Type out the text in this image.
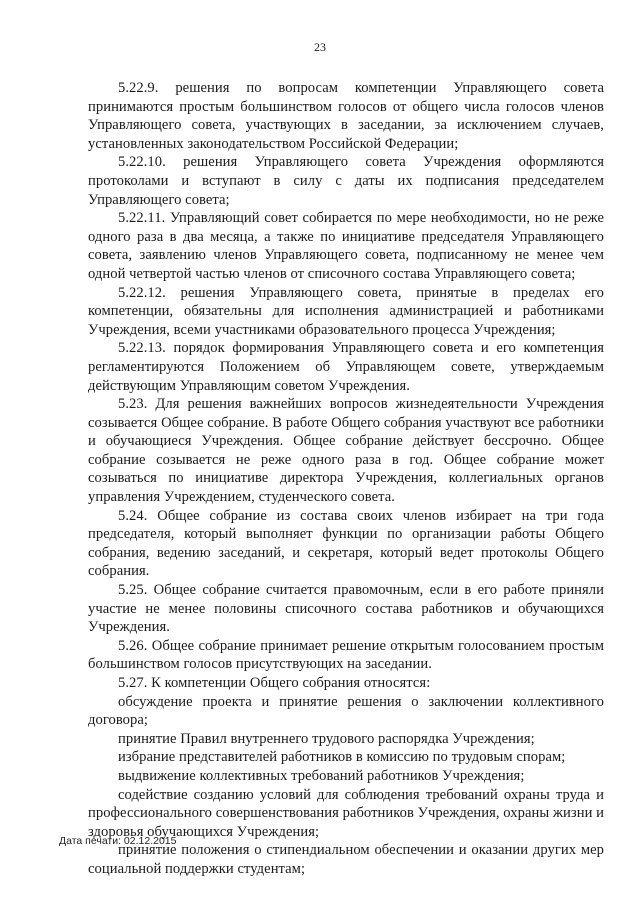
23

5.22.9. решения по вопросам компетенции Управляющего совета принимаются простым большинством голосов от общего числа голосов членов Управляющего совета, участвующих в заседании, за исключением случаев, установленных законодательством Российской Федерации;

5.22.10. решения Управляющего совета Учреждения оформляются протоколами и вступают в силу с даты их подписания председателем Управляющего совета;

5.22.11. Управляющий совет собирается по мере необходимости, но не реже одного раза в два месяца, а также по инициативе председателя Управляющего совета, заявлению членов Управляющего совета, подписанному не менее чем одной четвертой частью членов от списочного состава Управляющего совета;

5.22.12. решения Управляющего совета, принятые в пределах его компетенции, обязательны для исполнения администрацией и работниками Учреждения, всеми участниками образовательного процесса Учреждения;

5.22.13. порядок формирования Управляющего совета и его компетенция регламентируются Положением об Управляющем совете, утверждаемым действующим Управляющим советом Учреждения.

5.23. Для решения важнейших вопросов жизнедеятельности Учреждения созывается Общее собрание. В работе Общего собрания участвуют все работники и обучающиеся Учреждения. Общее собрание действует бессрочно. Общее собрание созывается не реже одного раза в год. Общее собрание может созываться по инициативе директора Учреждения, коллегиальных органов управления Учреждением, студенческого совета.

5.24. Общее собрание из состава своих членов избирает на три года председателя, который выполняет функции по организации работы Общего собрания, ведению заседаний, и секретаря, который ведет протоколы Общего собрания.

5.25. Общее собрание считается правомочным, если в его работе приняли участие не менее половины списочного состава работников и обучающихся Учреждения.

5.26. Общее собрание принимает решение открытым голосованием простым большинством голосов присутствующих на заседании.

5.27. К компетенции Общего собрания относятся:

обсуждение проекта и принятие решения о заключении коллективного договора;

принятие Правил внутреннего трудового распорядка Учреждения;

избрание представителей работников в комиссию по трудовым спорам;

выдвижение коллективных требований работников Учреждения;

содействие созданию условий для соблюдения требований охраны труда и профессионального совершенствования работников Учреждения, охраны жизни и здоровья обучающихся Учреждения;

принятие положения о стипендиальном обеспечении и оказании других мер социальной поддержки студентам;

Дата печати: 02.12.2015
